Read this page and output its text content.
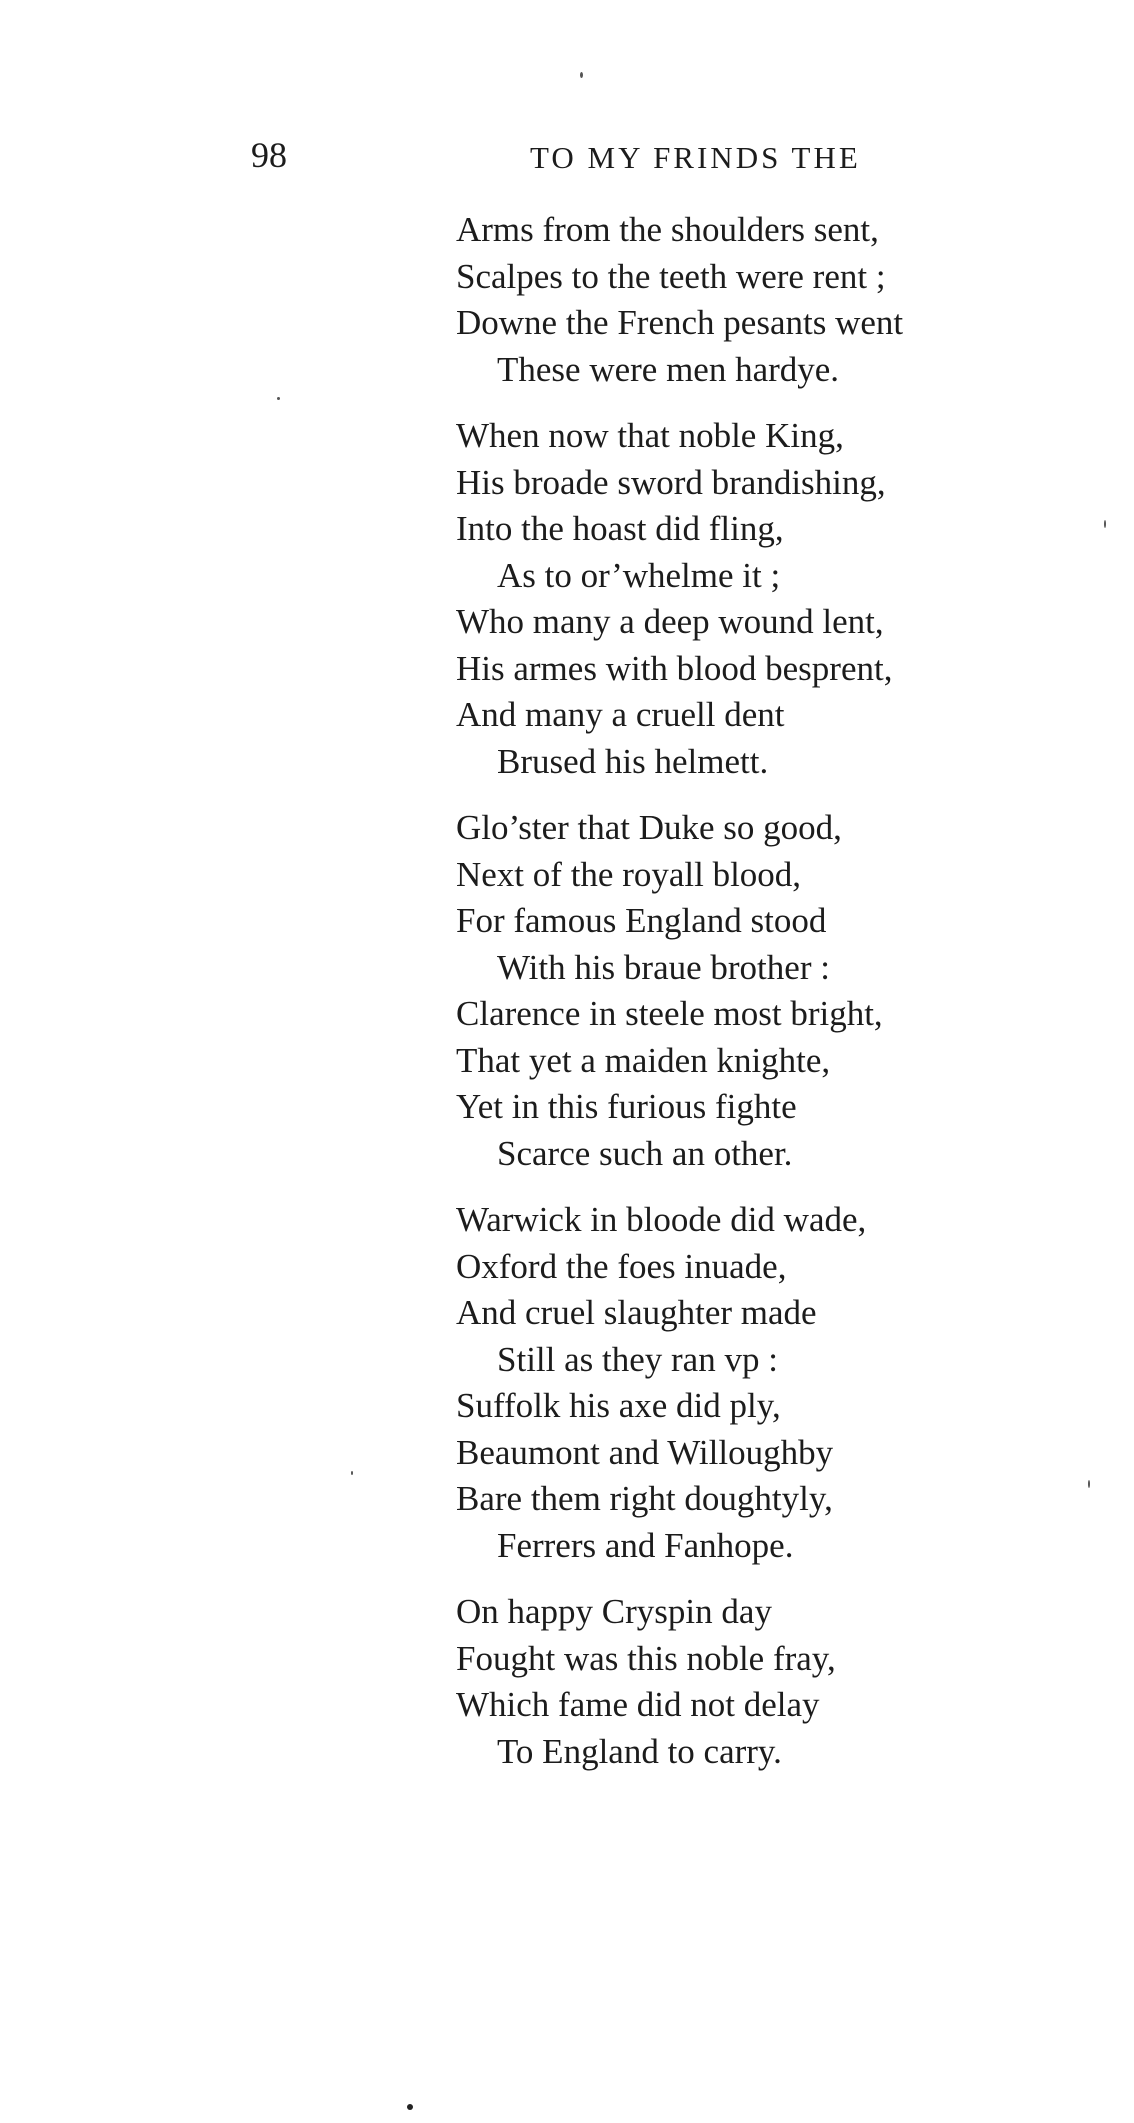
98	TO MY FRINDS THE
Arms from the shoulders sent,
Scalpes to the teeth were rent ;
Downe the French pesants went
These were men hardye.
When now that noble King,
His broade sword brandishing,
Into the hoast did fling,
As to or’whelme it ;
Who many a deep wound lent,
His armes with blood besprent,
And many a cruell dent
Brused his helmett.
Glo’ster that Duke so good,
Next of the royall blood,
For famous England stood
With his braue brother :
Clarence in steele most bright,
That yet a maiden knighte,
Yet in this furious fighte
Scarce such an other.
Warwick in bloode did wade,
Oxford the foes inuade,
And cruel slaughter made
Still as they ran vp :
Suffolk his axe did ply,
Beaumont and Willoughby
Bare them right doughtyly,
Ferrers and Fanhope.
On happy Cryspin day
Fought was this noble fray,
Which fame did not delay
To England to carry.
